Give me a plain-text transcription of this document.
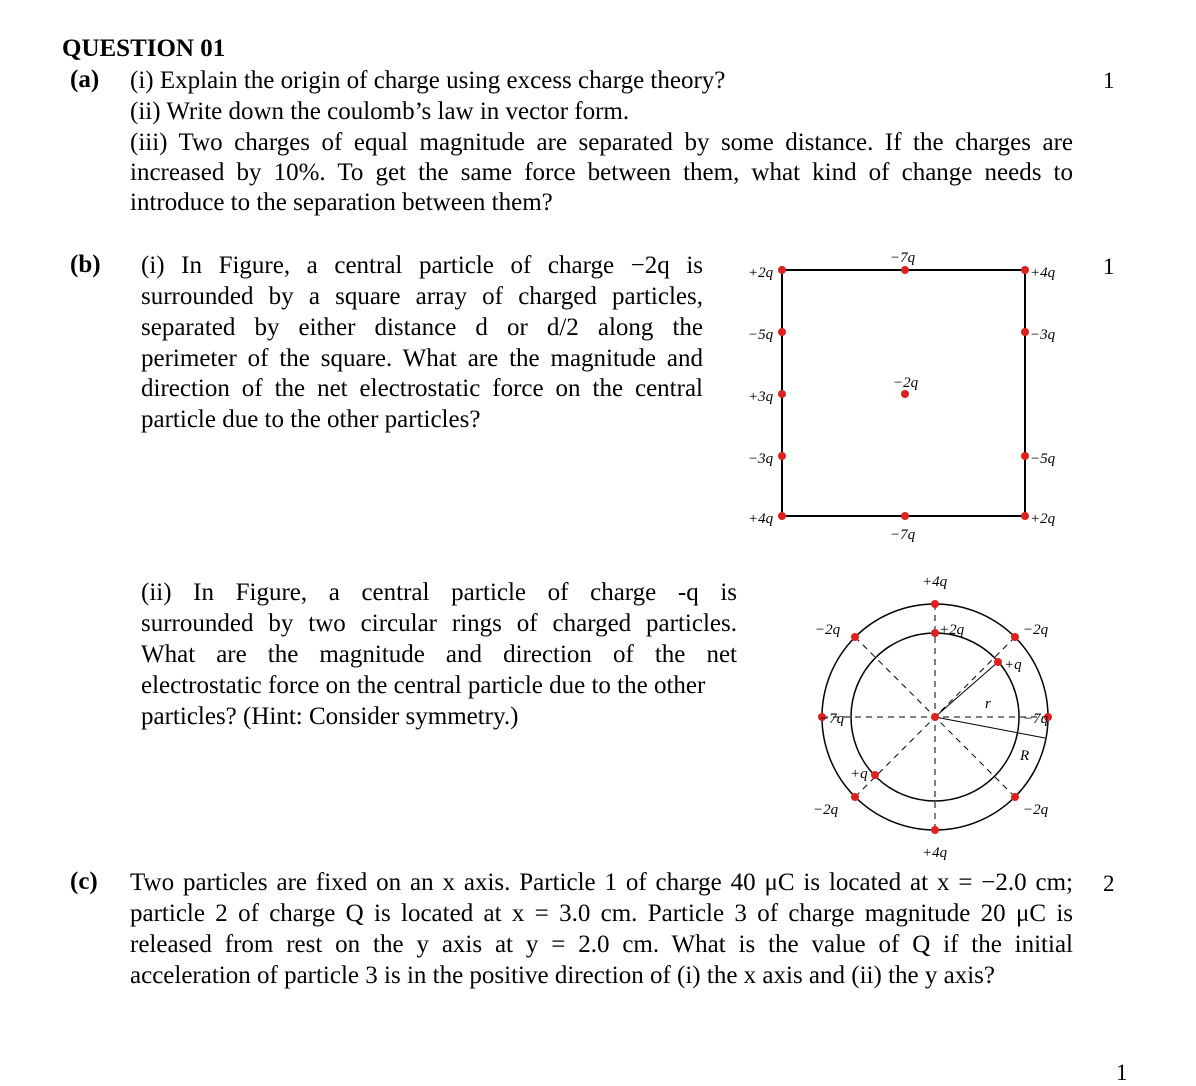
QUESTION 01
(a) (i) Explain the origin of charge using excess charge theory?	1
(ii) Write down the coulomb’s law in vector form.
(iii) Two charges of equal magnitude are separated by some distance. If the charges are
increased by 10%. To get the same force between them, what kind of change needs to
introduce to the separation between them?
(b)	1
(i) In Figure, a central particle of charge −2q is
surrounded by a square array of charged particles,
separated by either distance d or d/2 along the
perimeter of the square. What are the magnitude and
direction of the net electrostatic force on the central
particle due to the other particles?
+2q
−7q
+4q
−5q
+3q
−3q
+4q
−3q
−5q
+2q
−7q
−2q
(ii) In Figure, a central particle of charge -q is
surrounded by two circular rings of charged particles.
What are the magnitude and direction of the net
electrostatic force on the central particle due to the other
particles? (Hint: Consider symmetry.)
+4q
+2q
−2q	−2q
+q
−7q	−7q
r
R
+q
−2q	−2q
+4q
(c)	2
Two particles are fixed on an x axis. Particle 1 of charge 40 μC is located at x = −2.0 cm;
particle 2 of charge Q is located at x = 3.0 cm. Particle 3 of charge magnitude 20 μC is
released from rest on the y axis at y = 2.0 cm. What is the value of Q if the initial
acceleration of particle 3 is in the positive direction of (i) the x axis and (ii) the y axis?
1
